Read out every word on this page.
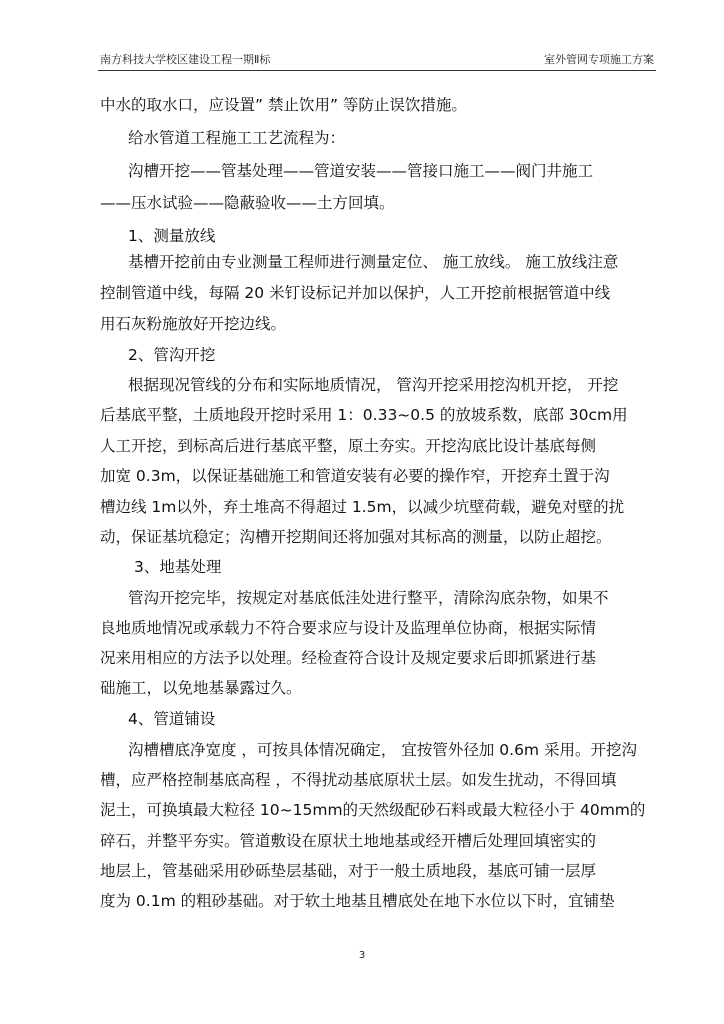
南方科技大学校区建设工程一期Ⅱ标	室外管网专项施工方案
中水的取水口，应设置” 禁止饮用” 等防止误饮措施。
给水管道工程施工工艺流程为：
沟槽开挖——管基处理——管道安装——管接口施工——阀门井施工
——压水试验——隐蔽验收——土方回填。
1、测量放线
基槽开挖前由专业测量工程师进行测量定位、 施工放线。 施工放线注意
控制管道中线，每隔 20 米钉设标记并加以保护，人工开挖前根据管道中线
用石灰粉施放好开挖边线。
2、管沟开挖
根据现况管线的分布和实际地质情况， 管沟开挖采用挖沟机开挖， 开挖
后基底平整，土质地段开挖时采用 1：0.33~0.5 的放坡系数，底部 30cm用
人工开挖，到标高后进行基底平整，原土夯实。开挖沟底比设计基底每侧
加宽 0.3m，以保证基础施工和管道安装有必要的操作窄，开挖弃土置于沟
槽边线 1m以外，弃土堆高不得超过 1.5m，以减少坑壁荷载，避免对壁的扰
动，保证基坑稳定；沟槽开挖期间还将加强对其标高的测量，以防止超挖。
3、地基处理
管沟开挖完毕，按规定对基底低洼处进行整平，清除沟底杂物，如果不
良地质地情况或承载力不符合要求应与设计及监理单位协商，根据实际情
况来用相应的方法予以处理。经检查符合设计及规定要求后即抓紧进行基
础施工，以免地基暴露过久。
4、管道铺设
沟槽槽底净宽度 ，可按具体情况确定， 宜按管外径加 0.6m 采用。开挖沟
槽，应严格控制基底高程 ，不得扰动基底原状土层。如发生扰动，不得回填
泥土，可换填最大粒径 10~15mm的天然级配砂石料或最大粒径小于 40mm的
碎石，并整平夯实。管道敷设在原状土地地基或经开槽后处理回填密实的
地层上，管基础采用砂砾垫层基础，对于一般土质地段，基底可铺一层厚
度为 0.1m 的粗砂基础。对于软土地基且槽底处在地下水位以下时，宜铺垫
3
